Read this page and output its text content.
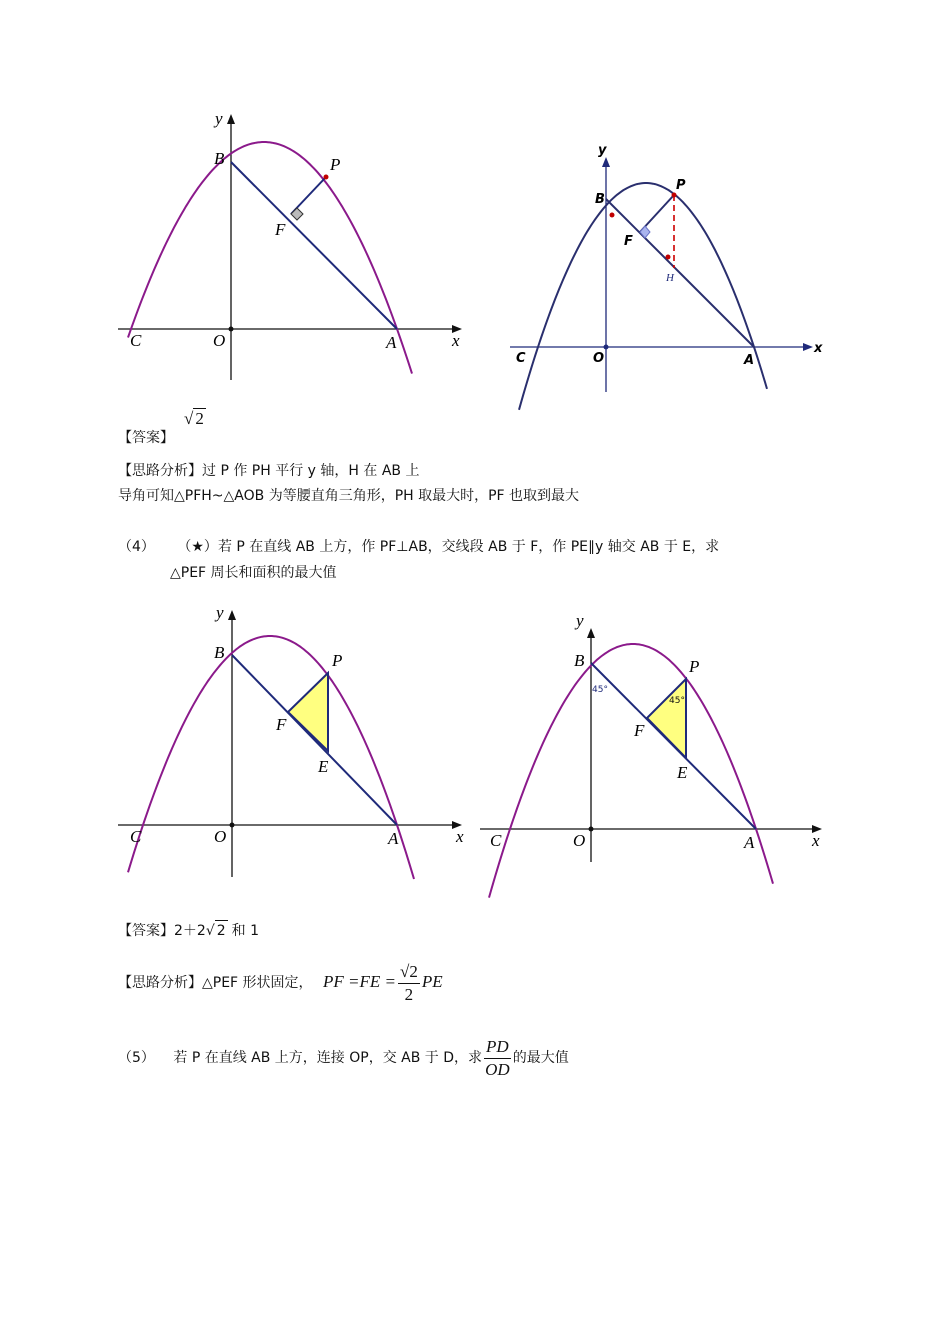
y
B	P
F
C	O	A	x
y
B
P
F
H
C	O	A
x
【答案】
√ 2
【思路分析】过 P 作 PH 平行 y 轴，H 在 AB 上
导角可知△PFH~△AOB 为等腰直角三角形，PH 取最大时，PF 也取到最大
（4） （★）若 P 在直线 AB 上方，作 PF⊥AB，交线段 AB 于 F，作 PE∥y 轴交 AB 于 E，求
△PEF 周长和面积的最大值
y
B	P
F
E
C	O	A	x
y
B	P
F
E
C	O	A	x
45°
45°
【答案】2＋2√ 2 和 1
【思路分析】△PEF 形状固定， PF $=FE = \frac{√2}{2}$ PE
（5） 若 P 在直线 AB 上方，连接 OP，交 AB 于 D，求 $\frac{PD}{OD}$ 的最大值
